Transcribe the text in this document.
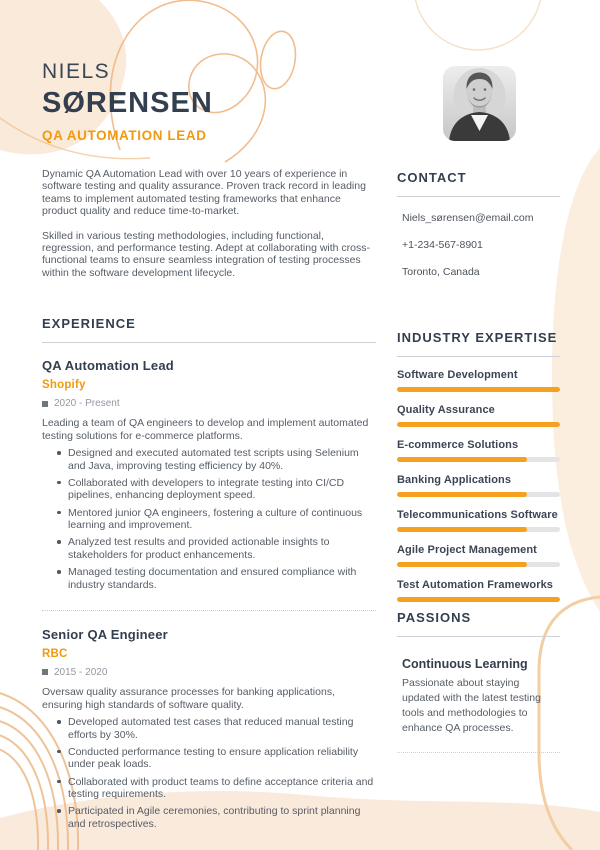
NIELS
SØRENSEN
QA AUTOMATION LEAD

Dynamic QA Automation Lead with over 10 years of experience in software testing and quality assurance. Proven track record in leading teams to implement automated testing frameworks that enhance product quality and reduce time-to-market.

Skilled in various testing methodologies, including functional, regression, and performance testing. Adept at collaborating with cross-functional teams to ensure seamless integration of testing processes within the software development lifecycle.

EXPERIENCE
QA Automation Lead
Shopify
2020 - Present
Leading a team of QA engineers to develop and implement automated testing solutions for e-commerce platforms.
Designed and executed automated test scripts using Selenium and Java, improving testing efficiency by 40%.
Collaborated with developers to integrate testing into CI/CD pipelines, enhancing deployment speed.
Mentored junior QA engineers, fostering a culture of continuous learning and improvement.
Analyzed test results and provided actionable insights to stakeholders for product enhancements.
Managed testing documentation and ensured compliance with industry standards.
Senior QA Engineer
RBC
2015 - 2020
Oversaw quality assurance processes for banking applications, ensuring high standards of software quality.
Developed automated test cases that reduced manual testing efforts by 30%.
Conducted performance testing to ensure application reliability under peak loads.
Collaborated with product teams to define acceptance criteria and testing requirements.
Participated in Agile ceremonies, contributing to sprint planning and retrospectives.
CONTACT
Niels_sørensen@email.com
+1-234-567-8901
Toronto, Canada
INDUSTRY EXPERTISE
Software Development
Quality Assurance
E-commerce Solutions
Banking Applications
Telecommunications Software
Agile Project Management
Test Automation Frameworks
PASSIONS
Continuous Learning
Passionate about staying updated with the latest testing tools and methodologies to enhance QA processes.
